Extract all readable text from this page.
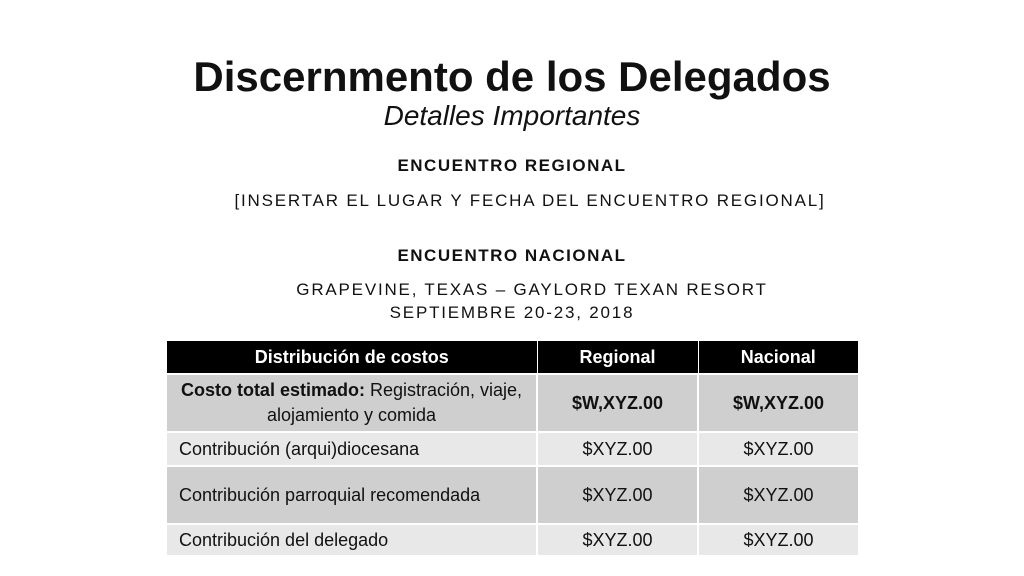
Discernmento de los Delegados
Detalles Importantes
ENCUENTRO REGIONAL
[INSERTAR EL LUGAR Y FECHA DEL ENCUENTRO REGIONAL]
ENCUENTRO NACIONAL
GRAPEVINE, TEXAS – GAYLORD TEXAN RESORT
SEPTIEMBRE 20-23, 2018
Distribución de costos	Regional	Nacional
Costo total estimado: Registración, viaje, alojamiento y comida	$W,XYZ.00	$W,XYZ.00
Contribución (arqui)diocesana	$XYZ.00	$XYZ.00
Contribución parroquial recomendada	$XYZ.00	$XYZ.00
Contribución del delegado	$XYZ.00	$XYZ.00
